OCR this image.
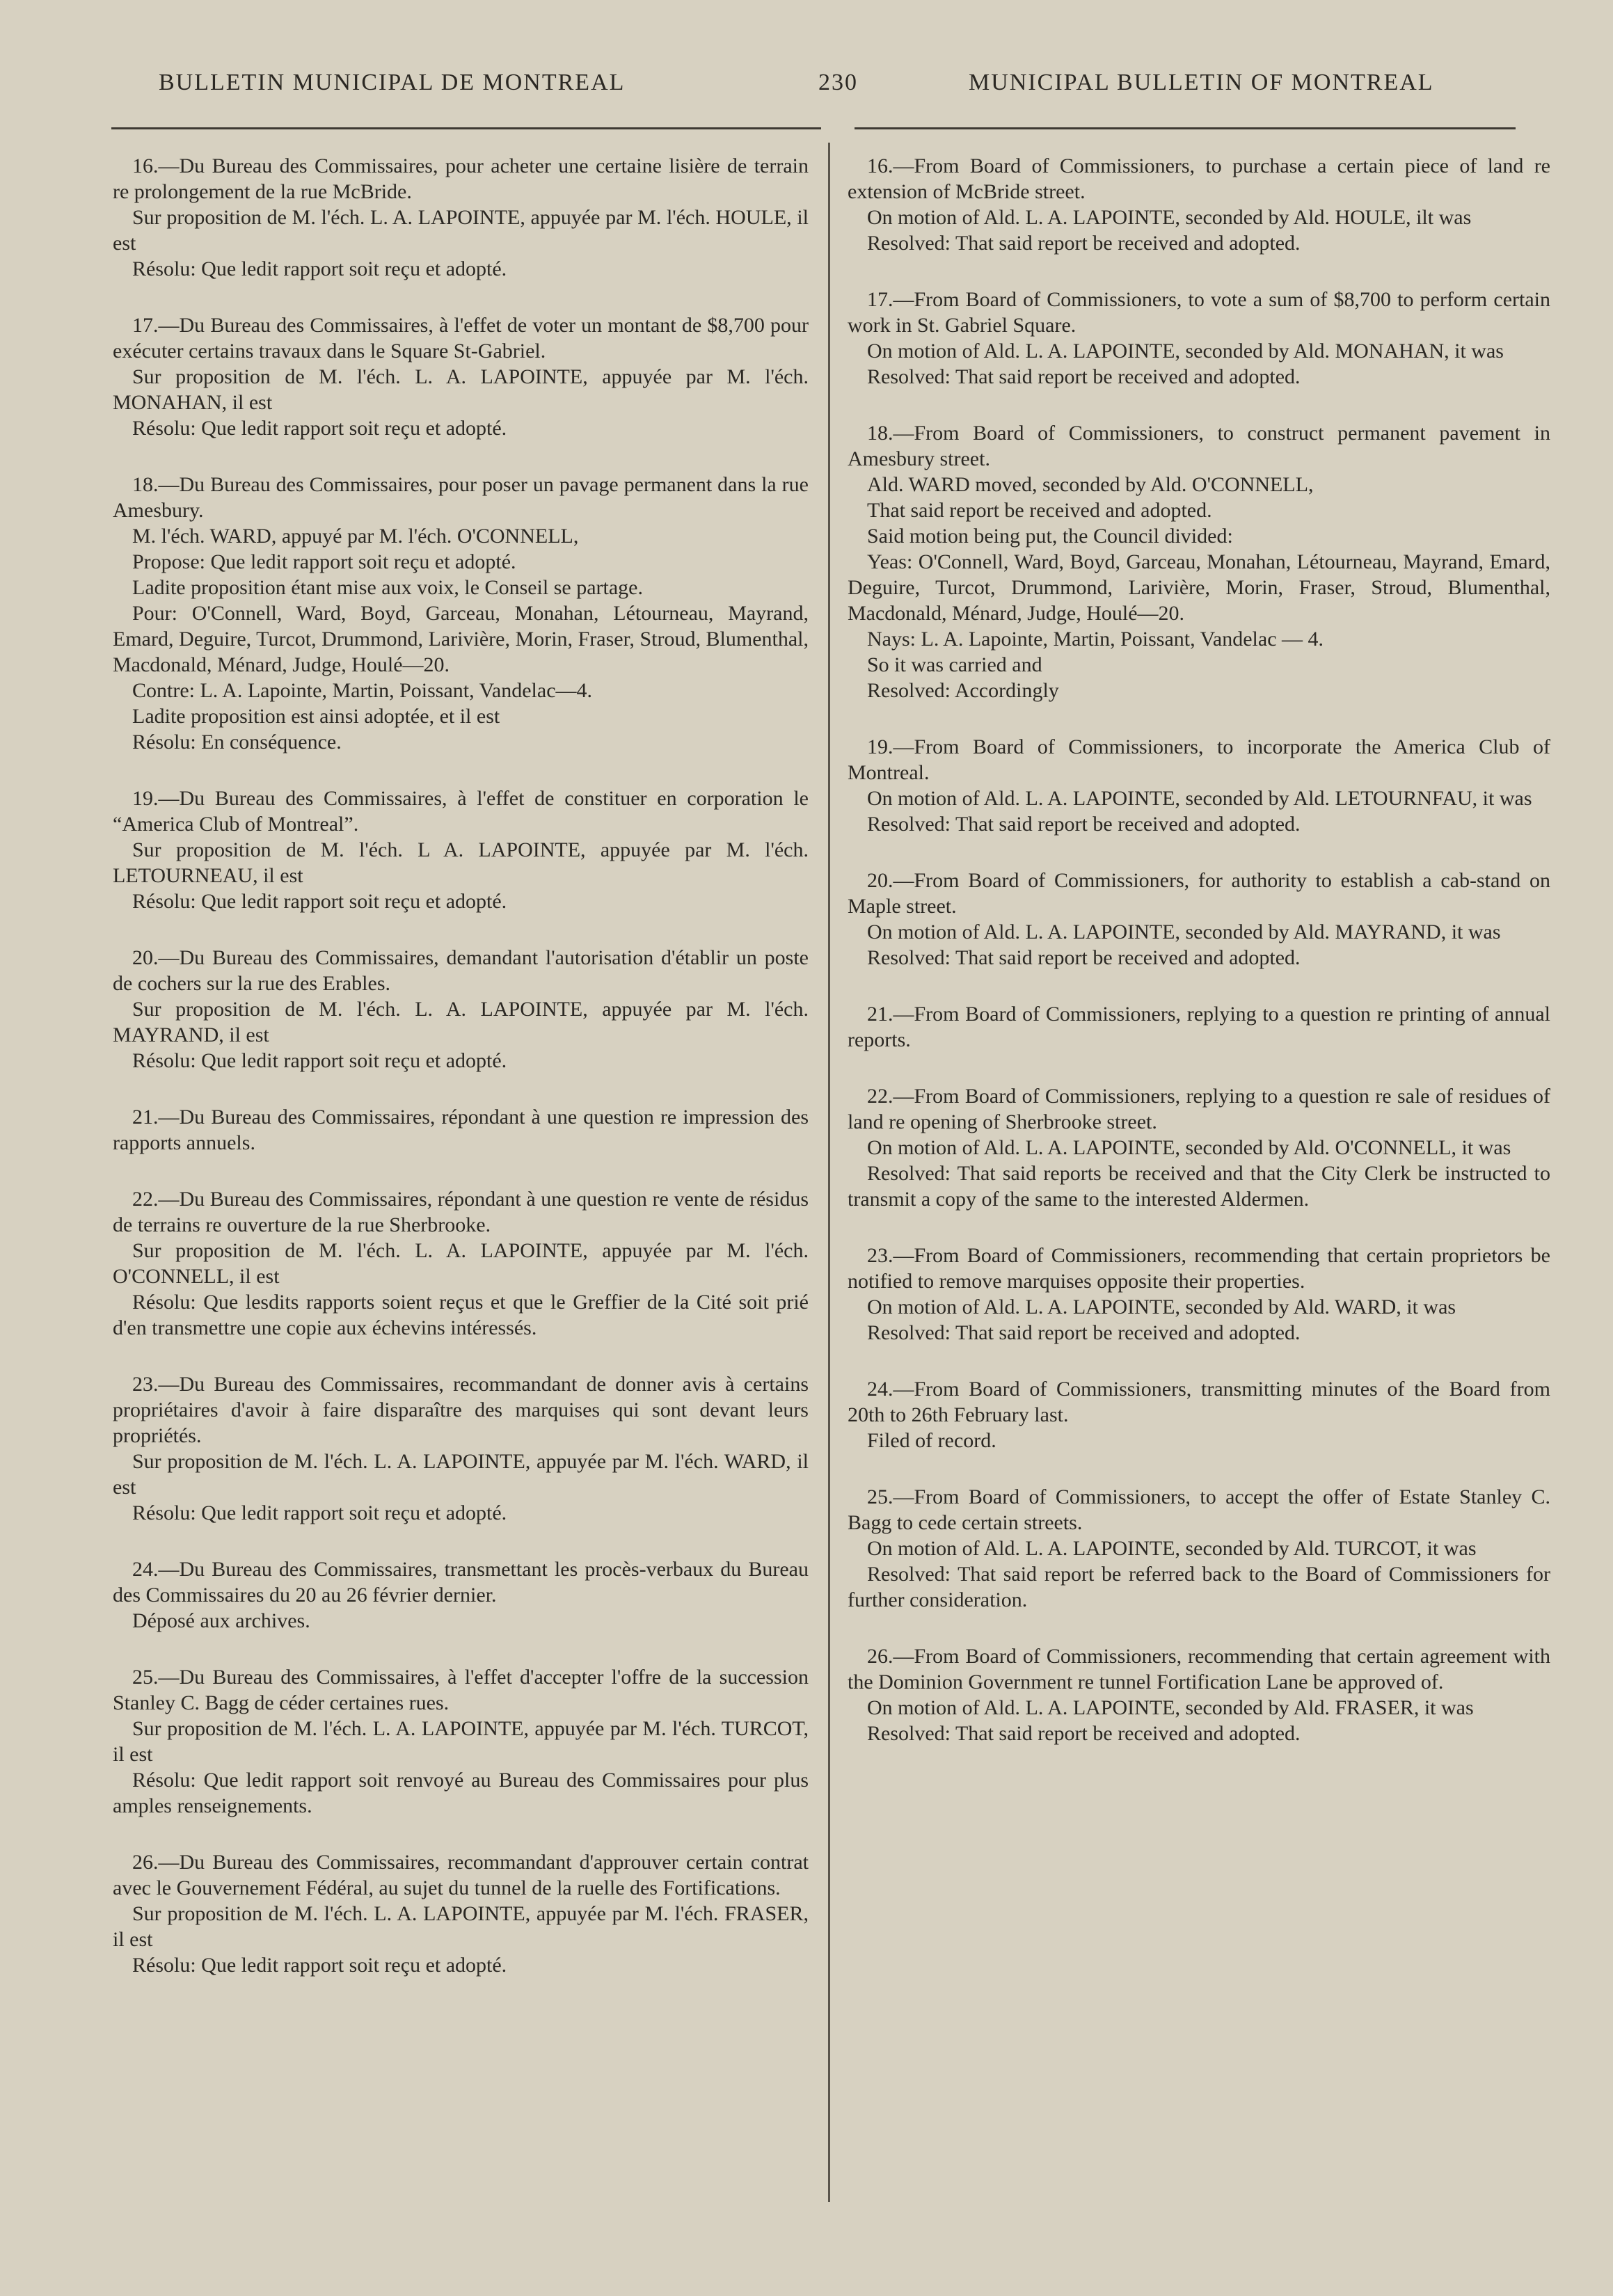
BULLETIN MUNICIPAL DE MONTREAL	230	MUNICIPAL BULLETIN OF MONTREAL

16.—Du Bureau des Commissaires, pour acheter une certaine lisière de terrain re prolongement de la rue McBride.

Sur proposition de M. l'éch. L. A. LAPOINTE, appuyée par M. l'éch. HOULE, il est

Résolu: Que ledit rapport soit reçu et adopté.

17.—Du Bureau des Commissaires, à l'effet de voter un montant de $8,700 pour exécuter certains travaux dans le Square St-Gabriel.

Sur proposition de M. l'éch. L. A. LAPOINTE, appuyée par M. l'éch. MONAHAN, il est

Résolu: Que ledit rapport soit reçu et adopté.

18.—Du Bureau des Commissaires, pour poser un pavage permanent dans la rue Amesbury.

M. l'éch. WARD, appuyé par M. l'éch. O'CONNELL,

Propose: Que ledit rapport soit reçu et adopté.

Ladite proposition étant mise aux voix, le Conseil se partage.

Pour: O'Connell, Ward, Boyd, Garceau, Monahan, Létourneau, Mayrand, Emard, Deguire, Turcot, Drummond, Larivière, Morin, Fraser, Stroud, Blumenthal, Macdonald, Ménard, Judge, Houlé—20.

Contre: L. A. Lapointe, Martin, Poissant, Vandelac—4.

Ladite proposition est ainsi adoptée, et il est

Résolu: En conséquence.

19.—Du Bureau des Commissaires, à l'effet de constituer en corporation le “America Club of Montreal”.

Sur proposition de M. l'éch. L A. LAPOINTE, appuyée par M. l'éch. LETOURNEAU, il est

Résolu: Que ledit rapport soit reçu et adopté.

20.—Du Bureau des Commissaires, demandant l'autorisation d'établir un poste de cochers sur la rue des Erables.

Sur proposition de M. l'éch. L. A. LAPOINTE, appuyée par M. l'éch. MAYRAND, il est

Résolu: Que ledit rapport soit reçu et adopté.

21.—Du Bureau des Commissaires, répondant à une question re impression des rapports annuels.

22.—Du Bureau des Commissaires, répondant à une question re vente de résidus de terrains re ouverture de la rue Sherbrooke.

Sur proposition de M. l'éch. L. A. LAPOINTE, appuyée par M. l'éch. O'CONNELL, il est

Résolu: Que lesdits rapports soient reçus et que le Greffier de la Cité soit prié d'en transmettre une copie aux échevins intéressés.

23.—Du Bureau des Commissaires, recommandant de donner avis à certains propriétaires d'avoir à faire disparaître des marquises qui sont devant leurs propriétés.

Sur proposition de M. l'éch. L. A. LAPOINTE, appuyée par M. l'éch. WARD, il est

Résolu: Que ledit rapport soit reçu et adopté.

24.—Du Bureau des Commissaires, transmettant les procès-verbaux du Bureau des Commissaires du 20 au 26 février dernier.

Déposé aux archives.

25.—Du Bureau des Commissaires, à l'effet d'accepter l'offre de la succession Stanley C. Bagg de céder certaines rues.

Sur proposition de M. l'éch. L. A. LAPOINTE, appuyée par M. l'éch. TURCOT, il est

Résolu: Que ledit rapport soit renvoyé au Bureau des Commissaires pour plus amples renseignements.

26.—Du Bureau des Commissaires, recommandant d'approuver certain contrat avec le Gouvernement Fédéral, au sujet du tunnel de la ruelle des Fortifications.

Sur proposition de M. l'éch. L. A. LAPOINTE, appuyée par M. l'éch. FRASER, il est

Résolu: Que ledit rapport soit reçu et adopté.

16.—From Board of Commissioners, to purchase a certain piece of land re extension of McBride street.

On motion of Ald. L. A. LAPOINTE, seconded by Ald. HOULE, ilt was

Resolved: That said report be received and adopted.

17.—From Board of Commissioners, to vote a sum of $8,700 to perform certain work in St. Gabriel Square.

On motion of Ald. L. A. LAPOINTE, seconded by Ald. MONAHAN, it was

Resolved: That said report be received and adopted.

18.—From Board of Commissioners, to construct permanent pavement in Amesbury street.

Ald. WARD moved, seconded by Ald. O'CONNELL,

That said report be received and adopted.

Said motion being put, the Council divided:

Yeas: O'Connell, Ward, Boyd, Garceau, Monahan, Létourneau, Mayrand, Emard, Deguire, Turcot, Drummond, Larivière, Morin, Fraser, Stroud, Blumenthal, Macdonald, Ménard, Judge, Houlé—20.

Nays: L. A. Lapointe, Martin, Poissant, Vandelac — 4.

So it was carried and

Resolved: Accordingly

19.—From Board of Commissioners, to incorporate the America Club of Montreal.

On motion of Ald. L. A. LAPOINTE, seconded by Ald. LETOURNFAU, it was

Resolved: That said report be received and adopted.

20.—From Board of Commissioners, for authority to establish a cab-stand on Maple street.

On motion of Ald. L. A. LAPOINTE, seconded by Ald. MAYRAND, it was

Resolved: That said report be received and adopted.

21.—From Board of Commissioners, replying to a question re printing of annual reports.

22.—From Board of Commissioners, replying to a question re sale of residues of land re opening of Sherbrooke street.

On motion of Ald. L. A. LAPOINTE, seconded by Ald. O'CONNELL, it was

Resolved: That said reports be received and that the City Clerk be instructed to transmit a copy of the same to the interested Aldermen.

23.—From Board of Commissioners, recommending that certain proprietors be notified to remove marquises opposite their properties.

On motion of Ald. L. A. LAPOINTE, seconded by Ald. WARD, it was

Resolved: That said report be received and adopted.

24.—From Board of Commissioners, transmitting minutes of the Board from 20th to 26th February last.

Filed of record.

25.—From Board of Commissioners, to accept the offer of Estate Stanley C. Bagg to cede certain streets.

On motion of Ald. L. A. LAPOINTE, seconded by Ald. TURCOT, it was

Resolved: That said report be referred back to the Board of Commissioners for further consideration.

26.—From Board of Commissioners, recommending that certain agreement with the Dominion Government re tunnel Fortification Lane be approved of.

On motion of Ald. L. A. LAPOINTE, seconded by Ald. FRASER, it was

Resolved: That said report be received and adopted.
